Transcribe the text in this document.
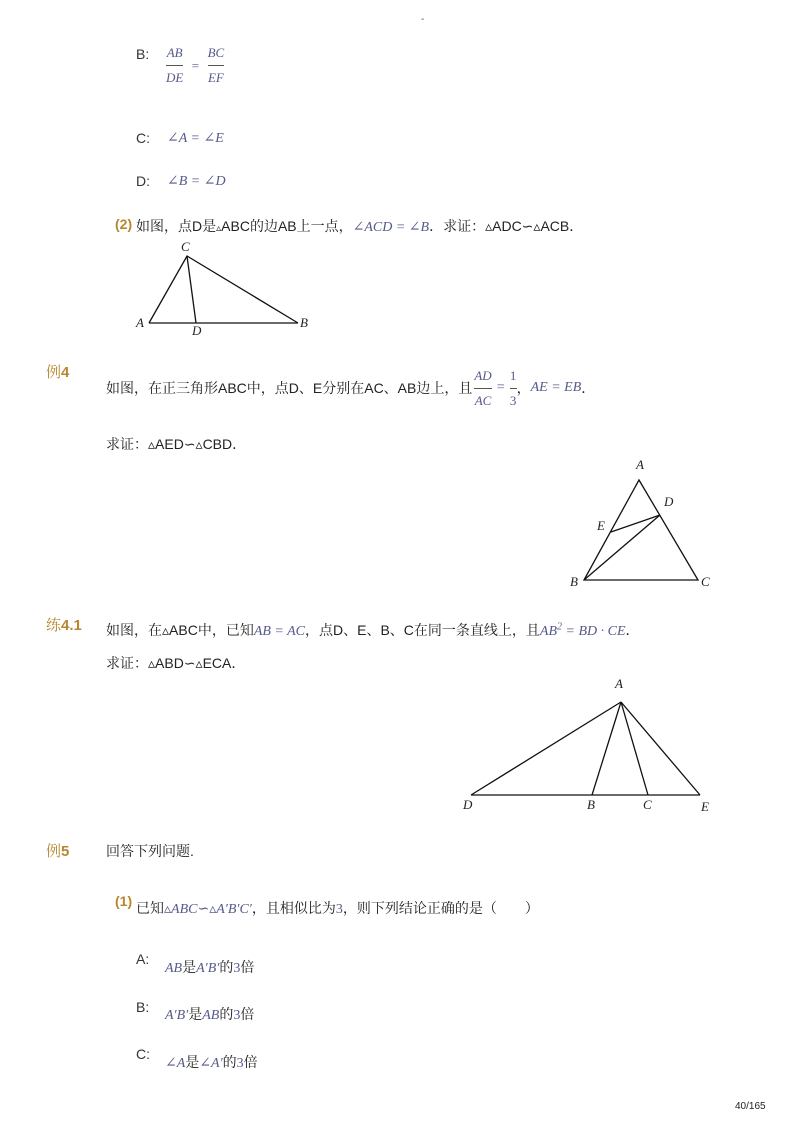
-
B: $\frac{AB}{DE} = \frac{BC}{EF}$
C: ∠A = ∠E
D: ∠B = ∠D
(2) 如图，点D是▵ABC的边AB上一点，∠ACD = ∠B．求证：▵ADC∽▵ACB．
C
A
D
B
例4
如图，在正三角形ABC中，点D、E分别在AC、AB边上，且 $\frac{AD}{AC} = \frac{1}{3}$ ， AE = EB ．
求证：▵AED∽▵CBD．
A
D
E
B	C
练4.1 如图，在▵ABC中，已知AB = AC，点D、E、B、C在同一条直线上，且$AB^2$ = BD · CE．
求证：▵ABD∽▵ECA．
A
D	B	C	E
例5	回答下列问题.
(1) 已知▵ABC∽▵A′B′C′，且相似比为3，则下列结论正确的是（　　）
A:
AB是A′B′的3倍
B:
A′B′是AB的3倍
C:
∠A是∠A′的3倍
40/165
